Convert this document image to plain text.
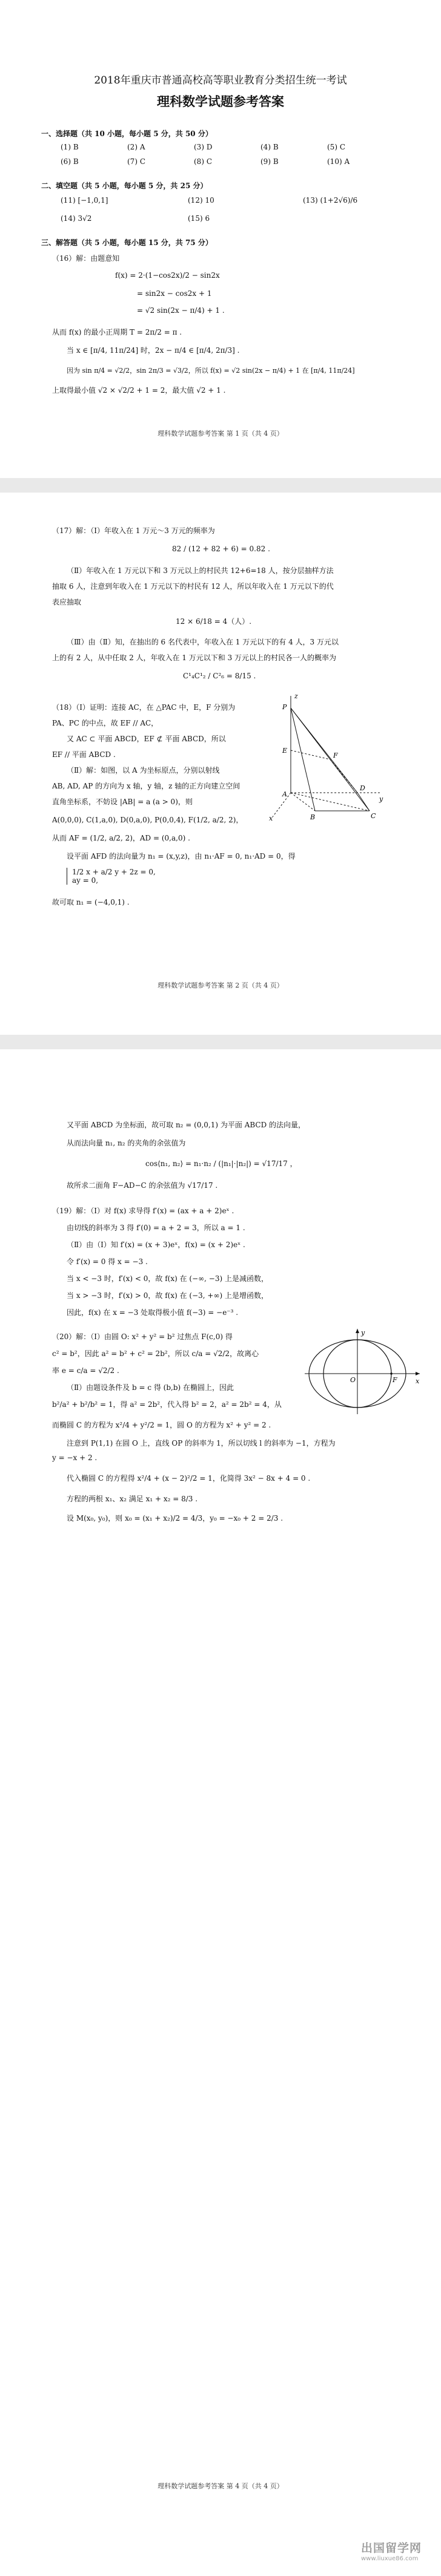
2018年重庆市普通高校高等职业教育分类招生统一考试
理科数学试题参考答案
一、选择题（共 10 小题，每小题 5 分，共 50 分）
(1) B	(2) A	(3) D	(4) B	(5) C
(6) B	(7) C	(8) C	(9) B	(10) A
二、填空题（共 5 小题，每小题 5 分，共 25 分）
(11) [−1,0,1]	(12) 10	(13) (1+2√6)/6
(14) 3√2	(15) 6
三、解答题（共 5 小题，每小题 15 分，共 75 分）
（16）解：由题意知
f(x) = 2·(1−cos2x)/2 − sin2x
= sin2x − cos2x + 1
= √2 sin(2x − π/4) + 1 .
从而 f(x) 的最小正周期 T = 2π/2 = π .
当 x ∈ [π/4, 11π/24] 时，2x − π/4 ∈ [π/4, 2π/3] .
因为 sin π/4 = √2/2，sin 2π/3 = √3/2，所以 f(x) = √2 sin(2x − π/4) + 1 在 [π/4, 11π/24]
上取得最小值 √2 × √2/2 + 1 = 2，最大值 √2 + 1 .
理科数学试题参考答案 第 1 页（共 4 页）
（17）解：（Ⅰ）年收入在 1 万元～3 万元的频率为
82 / (12 + 82 + 6) = 0.82 .
（Ⅱ）年收入在 1 万元以下和 3 万元以上的村民共 12+6=18 人，按分层抽样方法
抽取 6 人，注意到年收入在 1 万元以下的村民有 12 人，所以年收入在 1 万元以下的代
表应抽取
12 × 6/18 = 4（人）.
（Ⅲ）由（Ⅱ）知，在抽出的 6 名代表中，年收入在 1 万元以下的有 4 人，3 万元以
上的有 2 人，从中任取 2 人，年收入在 1 万元以下和 3 万元以上的村民各一人的概率为
C¹₄C¹₂ / C²₆ = 8/15 .
（18）（Ⅰ）证明：连接 AC，在 △PAC 中，E，F 分别为
PA、PC 的中点，故 EF // AC，
又 AC ⊂ 平面 ABCD，EF ⊄ 平面 ABCD，所以
EF // 平面 ABCD .
（Ⅱ）解：如图，以 A 为坐标原点，分别以射线
AB, AD, AP 的方向为 x 轴，y 轴，z 轴的正方向建立空间
直角坐标系，不妨设 |AB| = a (a > 0)，则
A(0,0,0), C(1,a,0), D(0,a,0), P(0,0,4), F(1/2, a/2, 2)，
从而 AF = (1/2, a/2, 2)，AD = (0,a,0) .
设平面 AFD 的法向量为 n₁ = (x,y,z)，由 n₁·AF = 0, n₁·AD = 0，得
1/2 x + a/2 y + 2z = 0,
ay = 0,
故可取 n₁ = (−4,0,1) .
z
P
E
F
A
B	C
D
x
y
理科数学试题参考答案 第 2 页（共 4 页）
又平面 ABCD 为坐标面，故可取 n₂ = (0,0,1) 为平面 ABCD 的法向量，
从而法向量 n₁, n₂ 的夹角的余弦值为
cos⟨n₁, n₂⟩ = n₁·n₂ / (|n₁|·|n₂|) = √17/17 ，
故所求二面角 F−AD−C 的余弦值为 √17/17 .
（19）解：（Ⅰ）对 f(x) 求导得 f′(x) = (ax + a + 2)eˣ .
由切线的斜率为 3 得 f′(0) = a + 2 = 3，所以 a = 1 .
（Ⅱ）由（Ⅰ）知 f′(x) = (x + 3)eˣ，f(x) = (x + 2)eˣ .
令 f′(x) = 0 得 x = −3 .
当 x < −3 时，f′(x) < 0，故 f(x) 在 (−∞, −3) 上是减函数，
当 x > −3 时，f′(x) > 0，故 f(x) 在 (−3, +∞) 上是增函数，
因此，f(x) 在 x = −3 处取得极小值 f(−3) = −e⁻³ .
（20）解：（Ⅰ）由圆 O: x² + y² = b² 过焦点 F(c,0) 得
c² = b²，因此 a² = b² + c² = 2b²，所以 c/a = √2/2，故离心
率 e = c/a = √2/2 .
（Ⅱ）由题设条件及 b = c 得 (b,b) 在椭圆上，因此
b²/a² + b²/b² = 1，得 a² = 2b²，代入得 b² = 2，a² = 2b² = 4，从
而椭圆 C 的方程为 x²/4 + y²/2 = 1，圆 O 的方程为 x² + y² = 2 .
注意到 P(1,1) 在圆 O 上，直线 OP 的斜率为 1，所以切线 l 的斜率为 −1，方程为
y = −x + 2 .
代入椭圆 C 的方程得 x²/4 + (x − 2)²/2 = 1，化简得 3x² − 8x + 4 = 0 .
方程的两根 x₁、x₂ 满足 x₁ + x₂ = 8/3 .
设 M(x₀, y₀)，则 x₀ = (x₁ + x₂)/2 = 4/3，y₀ = −x₀ + 2 = 2/3 .
y
x
O	F
理科数学试题参考答案 第 4 页（共 4 页）
出国留学网
www.liuxue86.com
